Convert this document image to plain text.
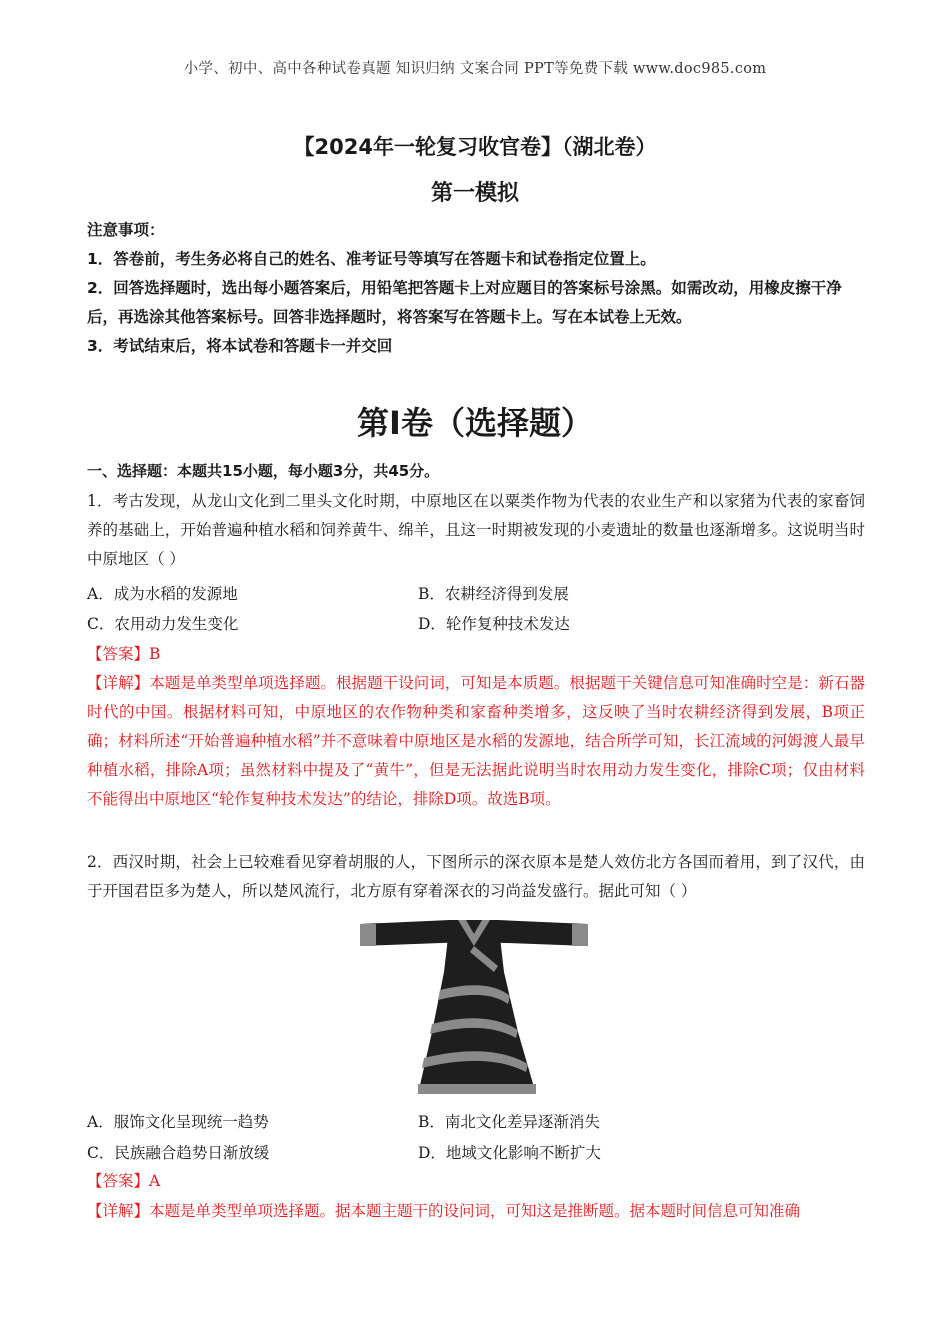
小学、初中、高中各种试卷真题 知识归纳 文案合同 PPT等免费下载 www.doc985.com
【2024年一轮复习收官卷】（湖北卷）
第一模拟
注意事项：
1．答卷前，考生务必将自己的姓名、准考证号等填写在答题卡和试卷指定位置上。
2．回答选择题时，选出每小题答案后，用铅笔把答题卡上对应题目的答案标号涂黑。如需改动，用橡皮擦干净后，再选涂其他答案标号。回答非选择题时，将答案写在答题卡上。写在本试卷上无效。
3．考试结束后，将本试卷和答题卡一并交回
第Ⅰ卷（选择题）
一、选择题：本题共15小题，每小题3分，共45分。
1．考古发现，从龙山文化到二里头文化时期，中原地区在以粟类作物为代表的农业生产和以家猪为代表的家畜饲养的基础上，开始普遍种植水稻和饲养黄牛、绵羊，且这一时期被发现的小麦遗址的数量也逐渐增多。这说明当时中原地区（ ）
A．成为水稻的发源地	B．农耕经济得到发展
C．农用动力发生变化	D．轮作复种技术发达
【答案】B
【详解】本题是单类型单项选择题。根据题干设问词，可知是本质题。根据题干关键信息可知准确时空是：新石器时代的中国。根据材料可知，中原地区的农作物种类和家畜种类增多，这反映了当时农耕经济得到发展，B项正确；材料所述“开始普遍种植水稻”并不意味着中原地区是水稻的发源地，结合所学可知，长江流域的河姆渡人最早种植水稻，排除A项；虽然材料中提及了“黄牛”，但是无法据此说明当时农用动力发生变化，排除C项；仅由材料不能得出中原地区“轮作复种技术发达”的结论，排除D项。故选B项。
2．西汉时期，社会上已较难看见穿着胡服的人，下图所示的深衣原本是楚人效仿北方各国而着用，到了汉代，由于开国君臣多为楚人，所以楚风流行，北方原有穿着深衣的习尚益发盛行。据此可知（ ）
A．服饰文化呈现统一趋势	B．南北文化差异逐渐消失
C．民族融合趋势日渐放缓	D．地域文化影响不断扩大
【答案】A
【详解】本题是单类型单项选择题。据本题主题干的设问词，可知这是推断题。据本题时间信息可知准确
